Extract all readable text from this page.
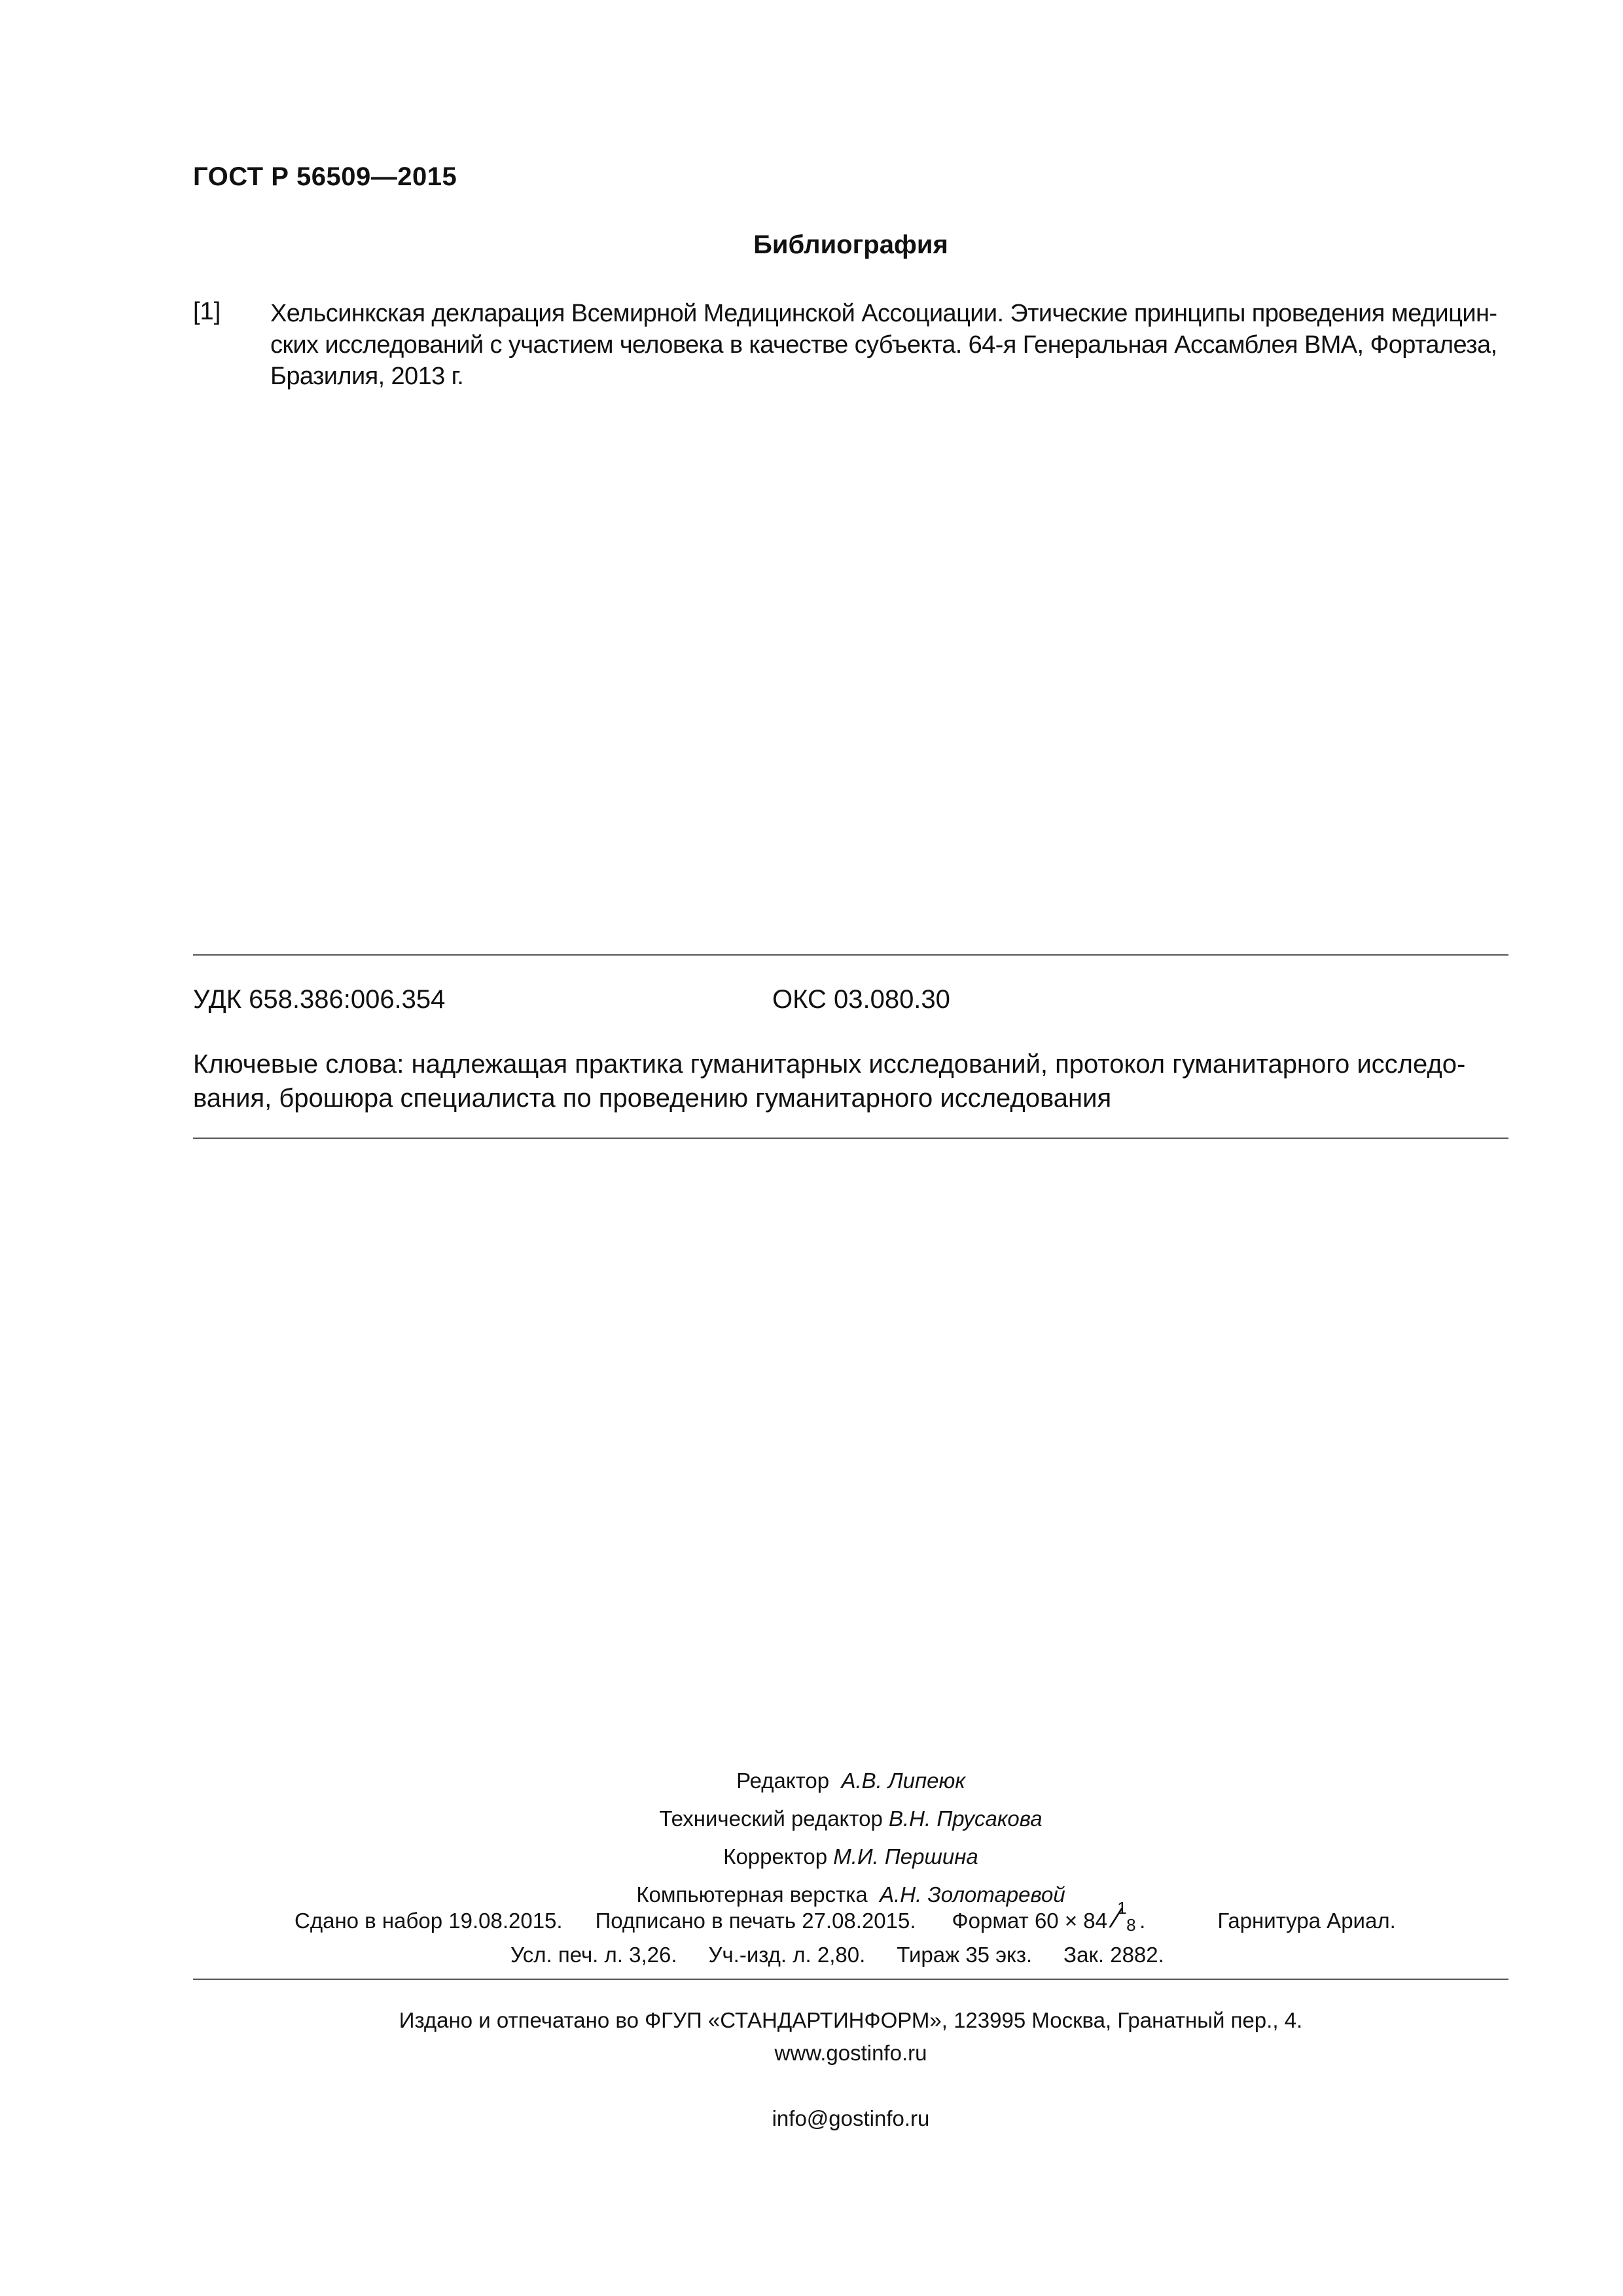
ГОСТ Р 56509—2015
Библиография
[1] Хельсинкская декларация Всемирной Медицинской Ассоциации. Этические принципы проведения медицин-
ских исследований с участием человека в качестве субъекта. 64-я Генеральная Ассамблея ВМА, Форталеза,
Бразилия, 2013 г.
УДК 658.386:006.354	ОКС 03.080.30
Ключевые слова: надлежащая практика гуманитарных исследований, протокол гуманитарного исследо-
вания, брошюра специалиста по проведению гуманитарного исследования
Редактор А.В. Липеюк
Технический редактор В.Н. Прусакова
Корректор М.И. Першина
Компьютерная верстка А.Н. Золотаревой
Сдано в набор 19.08.2015. Подписано в печать 27.08.2015. Формат 60 × 84
1
⁄ 8 .	Гарнитура Ариал.
Усл. печ. л. 3,26. Уч.-изд. л. 2,80. Тираж 35 экз. Зак. 2882.
Издано и отпечатано во ФГУП «СТАНДАРТИНФОРМ», 123995 Москва, Гранатный пер., 4.
www.gostinfo.ru
info@gostinfo.ru
